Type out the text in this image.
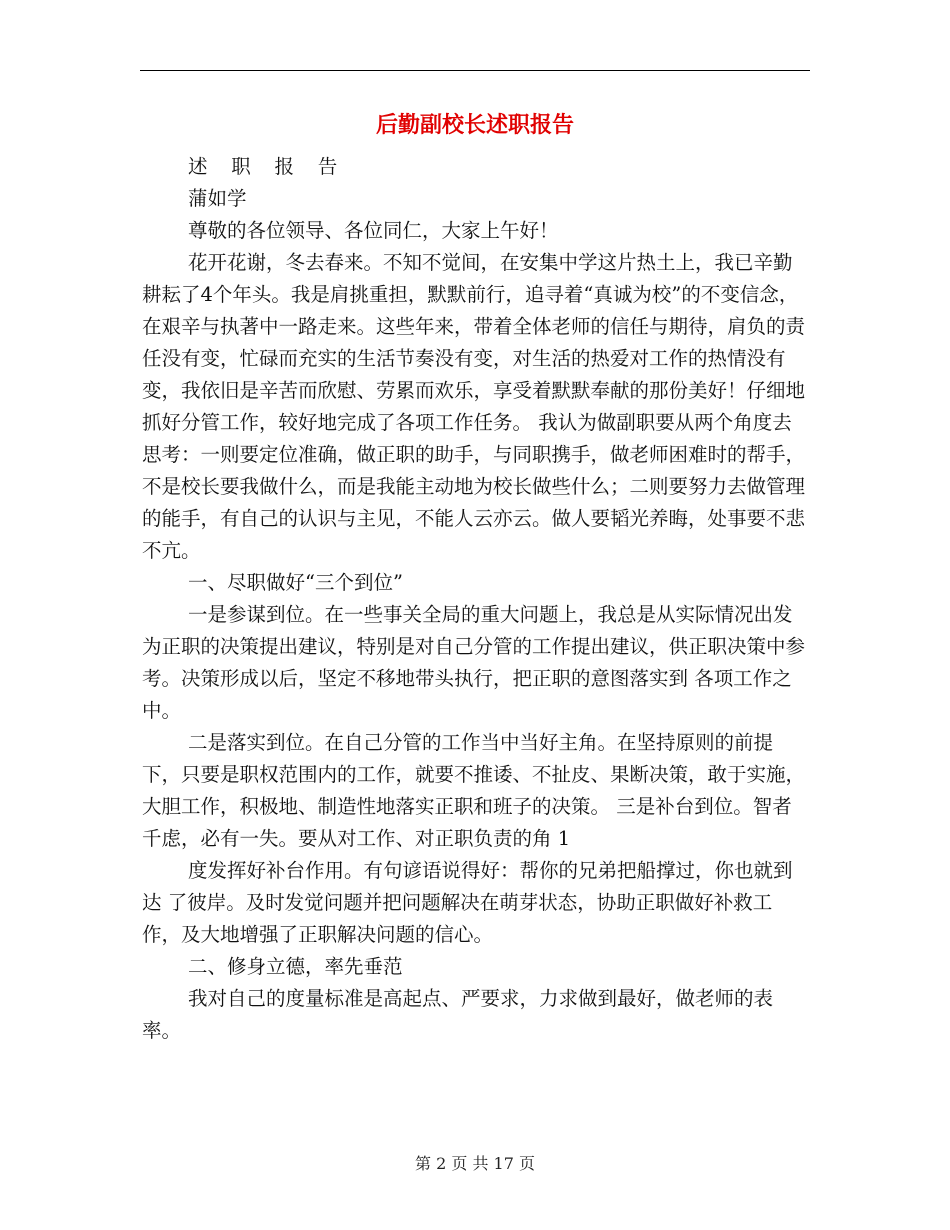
后勤副校长述职报告

述 职 报 告

蒲如学

尊敬的各位领导、各位同仁，大家上午好！

花开花谢，冬去春来。不知不觉间，在安集中学这片热土上，我已辛勤耕耘了4个年头。我是肩挑重担，默默前行，追寻着“真诚为校”的不变信念，在艰辛与执著中一路走来。这些年来，带着全体老师的信任与期待，肩负的责任没有变，忙碌而充实的生活节奏没有变，对生活的热爱对工作的热情没有变，我依旧是辛苦而欣慰、劳累而欢乐，享受着默默奉献的那份美好！仔细地抓好分管工作，较好地完成了各项工作任务。 我认为做副职要从两个角度去思考：一则要定位准确，做正职的助手，与同职携手，做老师困难时的帮手，不是校长要我做什么，而是我能主动地为校长做些什么；二则要努力去做管理的能手，有自己的认识与主见，不能人云亦云。做人要韬光养晦，处事要不悲不亢。

一、尽职做好“三个到位”

一是参谋到位。在一些事关全局的重大问题上，我总是从实际情况出发为正职的决策提出建议，特别是对自己分管的工作提出建议，供正职决策中参考。决策形成以后，坚定不移地带头执行，把正职的意图落实到 各项工作之中。

二是落实到位。在自己分管的工作当中当好主角。在坚持原则的前提下，只要是职权范围内的工作，就要不推诿、不扯皮、果断决策，敢于实施，大胆工作，积极地、制造性地落实正职和班子的决策。 三是补台到位。智者千虑，必有一失。要从对工作、对正职负责的角 1

度发挥好补台作用。有句谚语说得好：帮你的兄弟把船撑过，你也就到达 了彼岸。及时发觉问题并把问题解决在萌芽状态，协助正职做好补救工作，及大地增强了正职解决问题的信心。

二、修身立德，率先垂范

我对自己的度量标准是高起点、严要求，力求做到最好，做老师的表率。

第 2 页 共 17 页
